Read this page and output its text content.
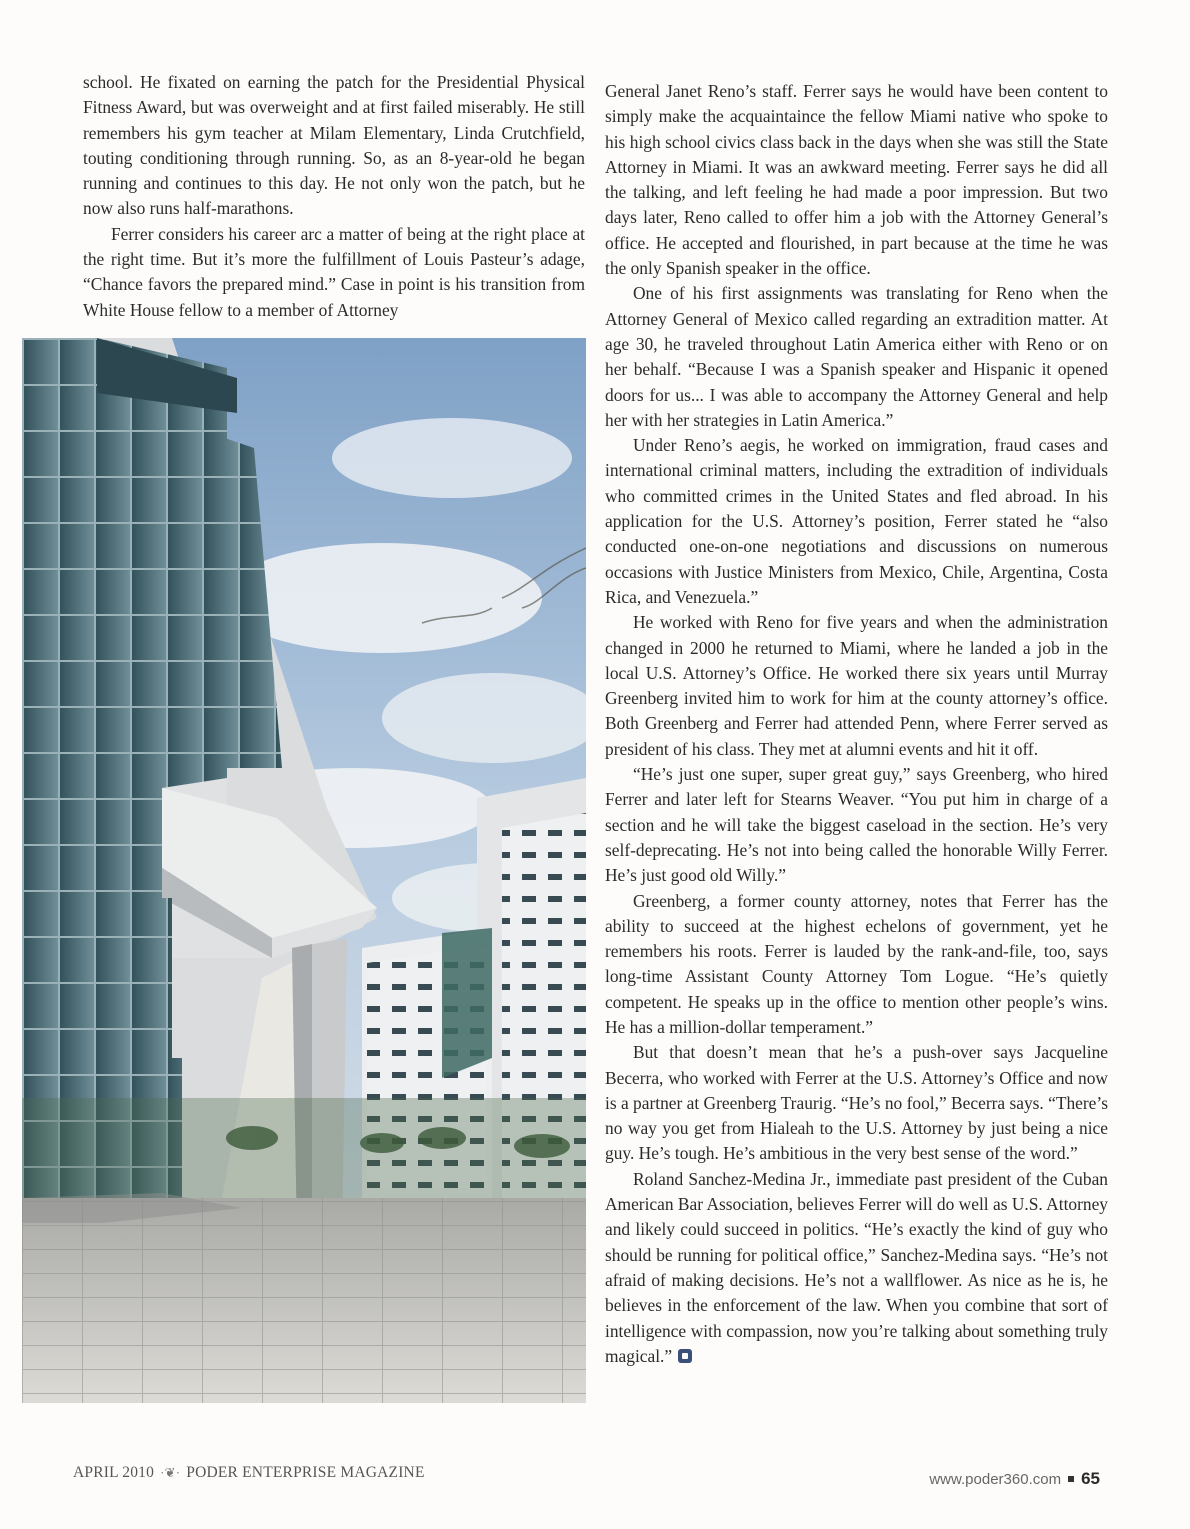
school. He fixated on earning the patch for the Presidential Physical Fitness Award, but was overweight and at first failed miserably. He still remembers his gym teacher at Milam Elementary, Linda Crutchfield, touting conditioning through running. So, as an 8-year-old he began running and continues to this day. He not only won the patch, but he now also runs half-marathons.

Ferrer considers his career arc a matter of being at the right place at the right time. But it’s more the fulfillment of Louis Pasteur’s adage, “Chance favors the prepared mind.” Case in point is his transition from White House fellow to a member of Attorney

General Janet Reno’s staff. Ferrer says he would have been content to simply make the acquaintaince the fellow Miami native who spoke to his high school civics class back in the days when she was still the State Attorney in Miami. It was an awkward meeting. Ferrer says he did all the talking, and left feeling he had made a poor impression. But two days later, Reno called to offer him a job with the Attorney General’s office. He accepted and flourished, in part because at the time he was the only Spanish speaker in the office.

One of his first assignments was translating for Reno when the Attorney General of Mexico called regarding an extradition matter. At age 30, he traveled throughout Latin America either with Reno or on her behalf. “Because I was a Spanish speaker and Hispanic it opened doors for us... I was able to accompany the Attorney General and help her with her strategies in Latin America.”

Under Reno’s aegis, he worked on immigration, fraud cases and international criminal matters, including the extradition of individuals who committed crimes in the United States and fled abroad. In his application for the U.S. Attorney’s position, Ferrer stated he “also conducted one-on-one negotiations and discussions on numerous occasions with Justice Ministers from Mexico, Chile, Argentina, Costa Rica, and Venezuela.”

He worked with Reno for five years and when the administration changed in 2000 he returned to Miami, where he landed a job in the local U.S. Attorney’s Office. He worked there six years until Murray Greenberg invited him to work for him at the county attorney’s office. Both Greenberg and Ferrer had attended Penn, where Ferrer served as president of his class. They met at alumni events and hit it off.

“He’s just one super, super great guy,” says Greenberg, who hired Ferrer and later left for Stearns Weaver. “You put him in charge of a section and he will take the biggest caseload in the section. He’s very self-deprecating. He’s not into being called the honorable Willy Ferrer. He’s just good old Willy.”

Greenberg, a former county attorney, notes that Ferrer has the ability to succeed at the highest echelons of government, yet he remembers his roots. Ferrer is lauded by the rank-and-file, too, says long-time Assistant County Attorney Tom Logue. “He’s quietly competent. He speaks up in the office to mention other people’s wins. He has a million-dollar temperament.”

But that doesn’t mean that he’s a push-over says Jacqueline Becerra, who worked with Ferrer at the U.S. Attorney’s Office and now is a partner at Greenberg Traurig. “He’s no fool,” Becerra says. “There’s no way you get from Hialeah to the U.S. Attorney by just being a nice guy. He’s tough. He’s ambitious in the very best sense of the word.”

Roland Sanchez-Medina Jr., immediate past president of the Cuban American Bar Association, believes Ferrer will do well as U.S. Attorney and likely could succeed in politics. “He’s exactly the kind of guy who should be running for political office,” Sanchez-Medina says. “He’s not afraid of making decisions. He’s not a wallflower. As nice as he is, he believes in the enforcement of the law. When you combine that sort of intelligence with compassion, now you’re talking about something truly magical.”

APRIL 2010 ·❦· PODER ENTERPRISE MAGAZINE	www.poder360.com 65
